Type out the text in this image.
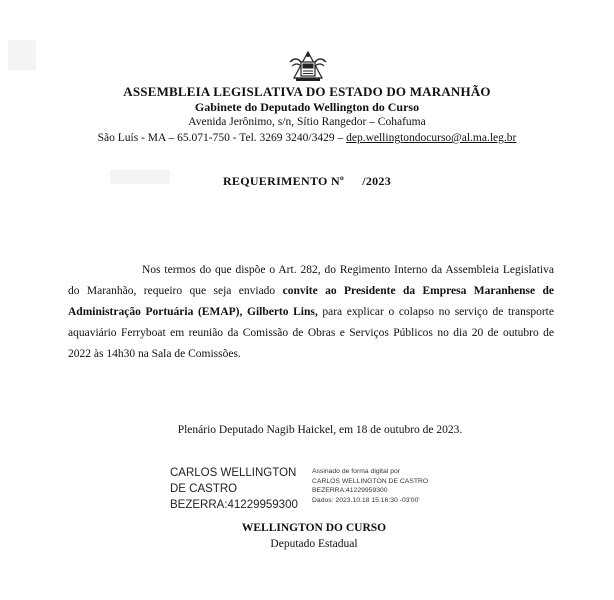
ASSEMBLEIA LEGISLATIVA DO ESTADO DO MARANHÃO
Gabinete do Deputado Wellington do Curso
Avenida Jerônimo, s/n, Sítio Rangedor – Cohafuma
São Luís - MA – 65.071-750 - Tel. 3269 3240/3429 – dep.wellingtondocurso@al.ma.leg.br
REQUERIMENTO Nº /2023
Nos termos do que dispõe o Art. 282, do Regimento Interno da Assembleia Legislativa do Maranhão, requeiro que seja enviado convite ao Presidente da Empresa Maranhense de Administração Portuária (EMAP), Gilberto Lins, para explicar o colapso no serviço de transporte aquaviário Ferryboat em reunião da Comissão de Obras e Serviços Públicos no dia 20 de outubro de 2022 às 14h30 na Sala de Comissões.
Plenário Deputado Nagib Haickel, em 18 de outubro de 2023.
CARLOS WELLINGTON
DE CASTRO
BEZERRA:41229959300
Assinado de forma digital por
CARLOS WELLINGTON DE CASTRO
BEZERRA:41229959300
Dados: 2023.10.18 15:16:30 -03'00'
WELLINGTON DO CURSO
Deputado Estadual
